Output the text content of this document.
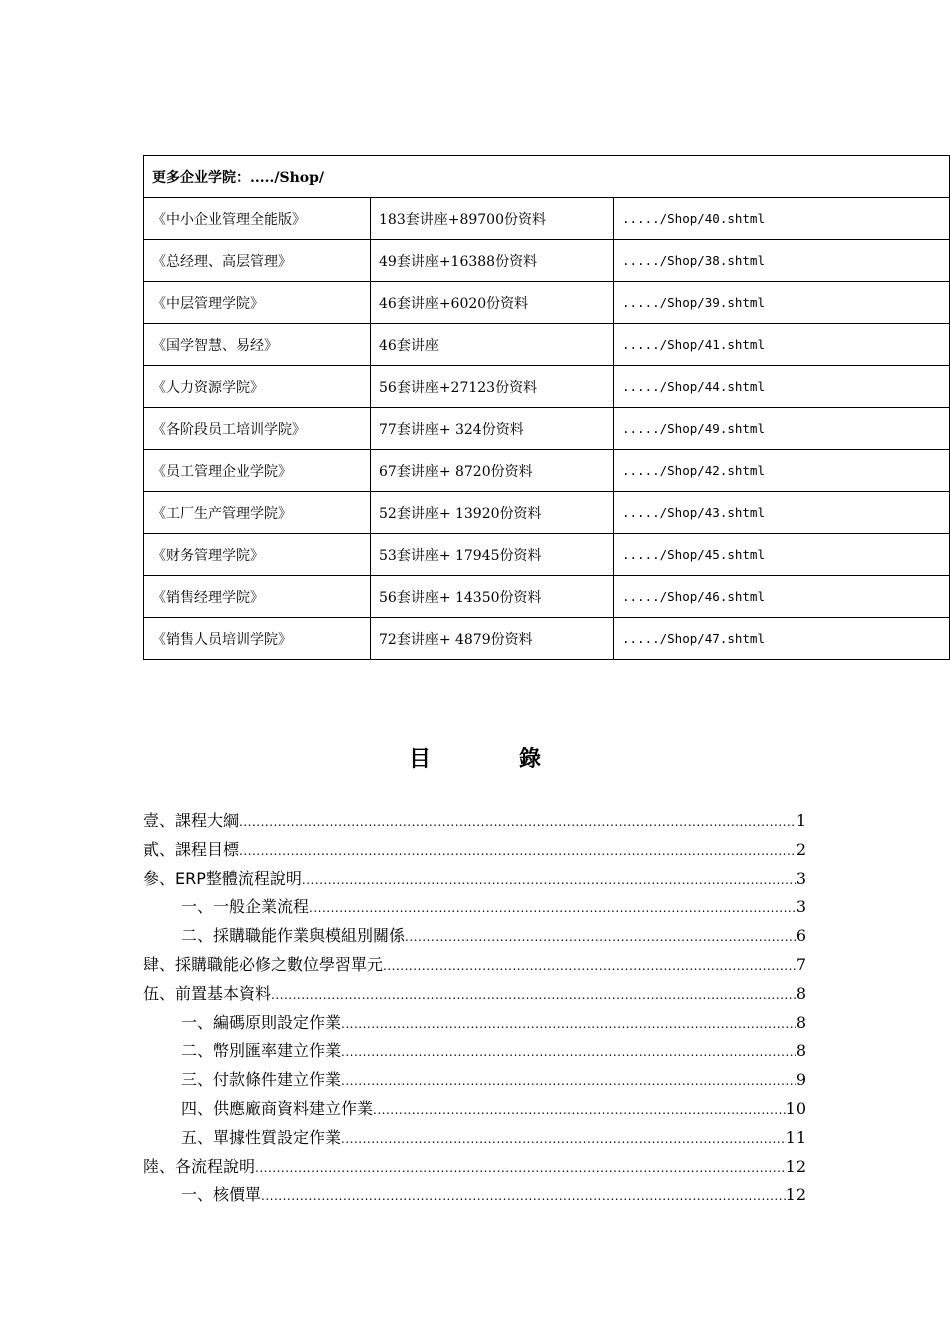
更多企业学院：...../Shop/		
《中小企业管理全能版》	183套讲座+89700份资料	...../Shop/40.shtml
《总经理、高层管理》	49套讲座+16388份资料	...../Shop/38.shtml
《中层管理学院》	46套讲座+6020份资料	...../Shop/39.shtml
《国学智慧、易经》	46套讲座	...../Shop/41.shtml
《人力资源学院》	56套讲座+27123份资料	...../Shop/44.shtml
《各阶段员工培训学院》	77套讲座+ 324份资料	...../Shop/49.shtml
《员工管理企业学院》	67套讲座+ 8720份资料	...../Shop/42.shtml
《工厂生产管理学院》	52套讲座+ 13920份资料	...../Shop/43.shtml
《财务管理学院》	53套讲座+ 17945份资料	...../Shop/45.shtml
《销售经理学院》	56套讲座+ 14350份资料	...../Shop/46.shtml
《销售人员培训学院》	72套讲座+ 4879份资料	...../Shop/47.shtml
目	錄
壹、課程大綱 .....	1
貳、課程目標 .....	2
參、ERP整體流程說明 .....	3
一、一般企業流程 .....	3
二、採購職能作業與模組別關係 .....	6
肆、採購職能必修之數位學習單元 .....	7
伍、前置基本資料 .....	8
一、編碼原則設定作業 .....	8
二、幣別匯率建立作業 .....	8
三、付款條件建立作業 .....	9
四、供應廠商資料建立作業 .....	10
五、單據性質設定作業 .....	11
陸、各流程說明 .....	12
一、核價單 .....	12
